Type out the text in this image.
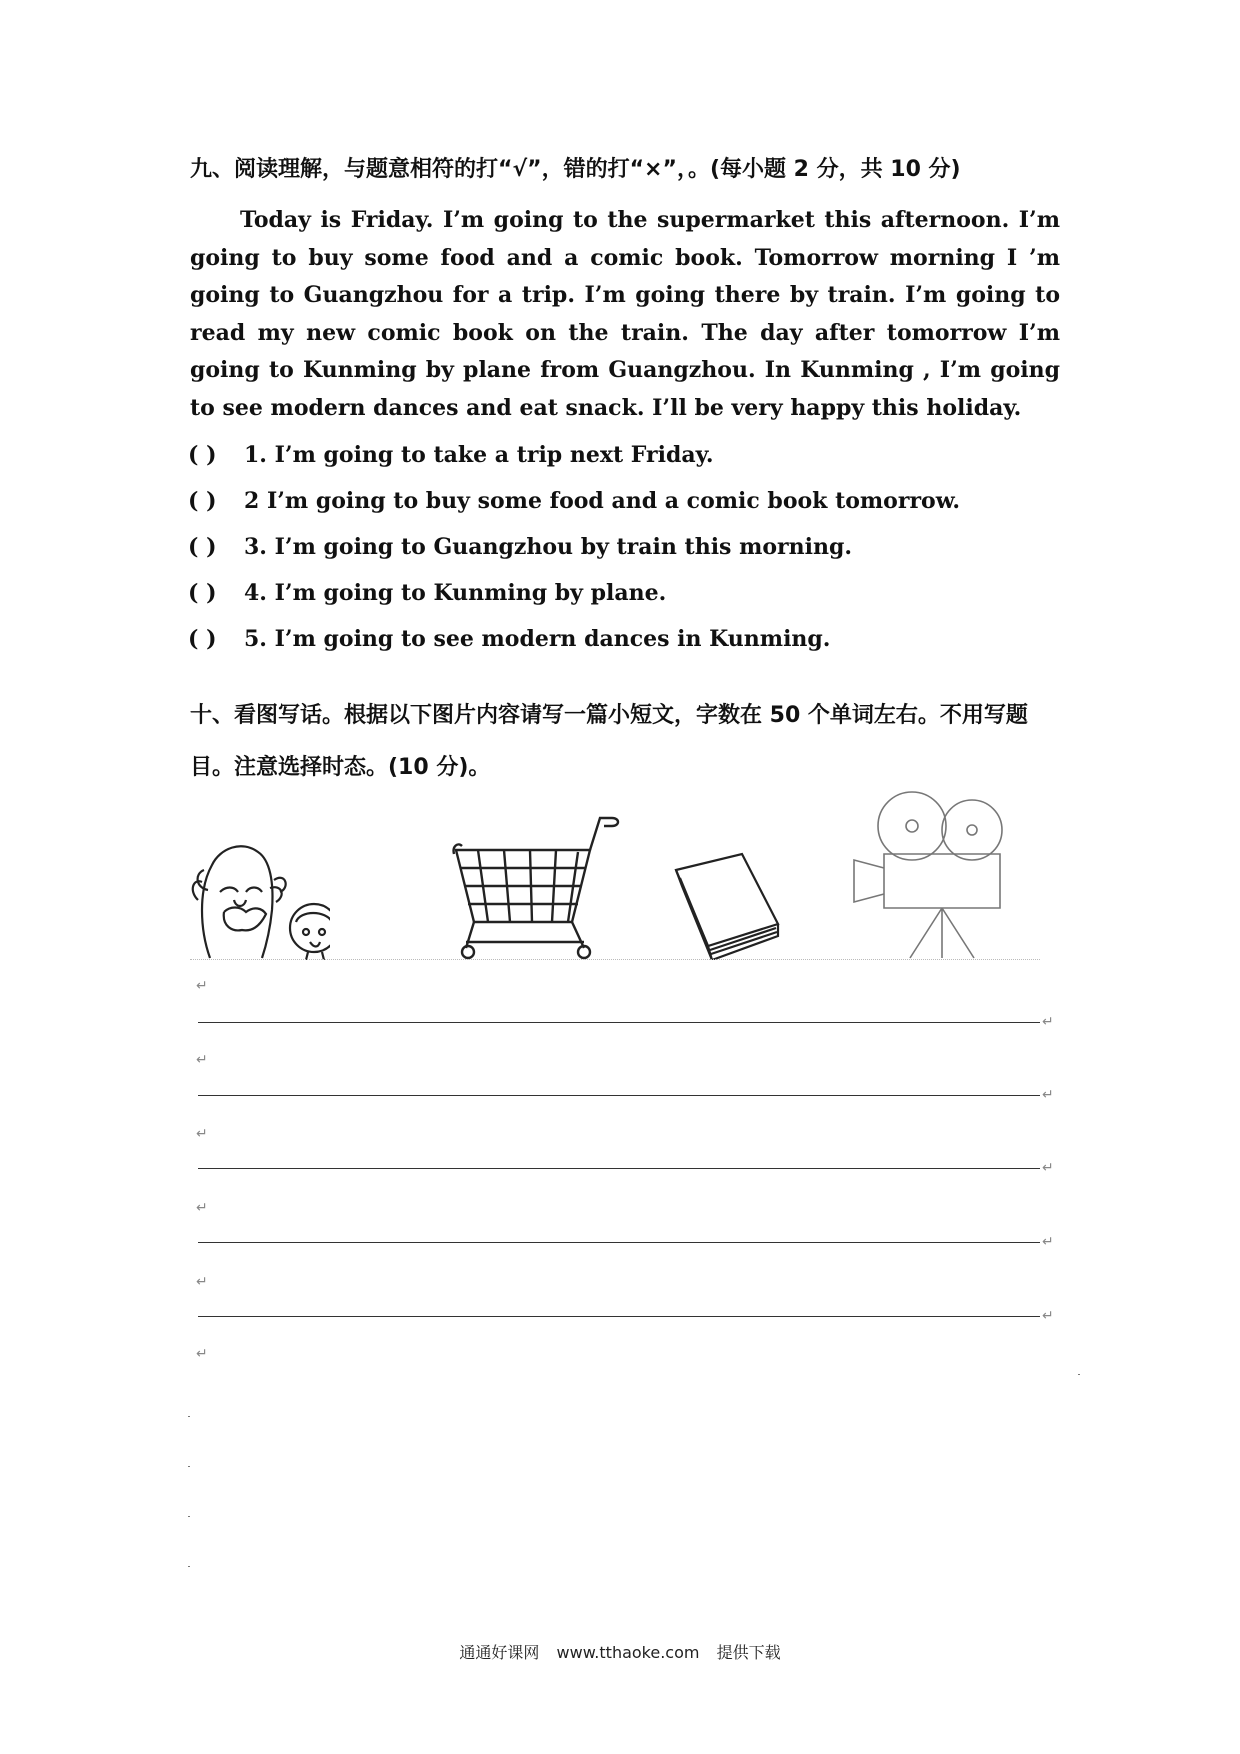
九、阅读理解，与题意相符的打“√”，错的打“×”，。(每小题 2 分，共 10 分)
Today is Friday. I’m going to the supermarket this afternoon. I’m going to buy some food and a comic book. Tomorrow morning I ’m going to Guangzhou for a trip. I’m going there by train. I’m going to read my new comic book on the train. The day after tomorrow I’m going to Kunming by plane from Guangzhou. In Kunming , I’m going to see modern dances and eat snack. I’ll be very happy this holiday.
( ) 1. I’m going to take a trip next Friday.
( ) 2 I’m going to buy some food and a comic book tomorrow.
( ) 3. I’m going to Guangzhou by train this morning.
( ) 4. I’m going to Kunming by plane.
( ) 5. I’m going to see modern dances in Kunming.
十、看图写话。根据以下图片内容请写一篇小短文，字数在 50 个单词左右。不用写题目。注意选择时态。(10 分)。
↵
↵
↵
↵
↵
↵
↵
↵
↵
↵
↵
通通好课网 www.tthaoke.com 提供下载
